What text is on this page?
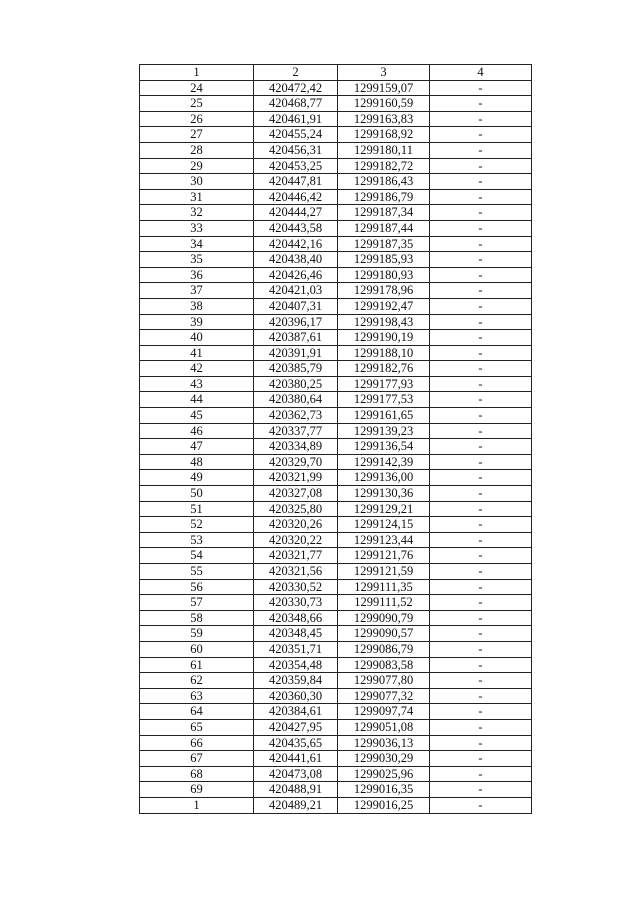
1	2	3	4
24	420472,42	1299159,07	-
25	420468,77	1299160,59	-
26	420461,91	1299163,83	-
27	420455,24	1299168,92	-
28	420456,31	1299180,11	-
29	420453,25	1299182,72	-
30	420447,81	1299186,43	-
31	420446,42	1299186,79	-
32	420444,27	1299187,34	-
33	420443,58	1299187,44	-
34	420442,16	1299187,35	-
35	420438,40	1299185,93	-
36	420426,46	1299180,93	-
37	420421,03	1299178,96	-
38	420407,31	1299192,47	-
39	420396,17	1299198,43	-
40	420387,61	1299190,19	-
41	420391,91	1299188,10	-
42	420385,79	1299182,76	-
43	420380,25	1299177,93	-
44	420380,64	1299177,53	-
45	420362,73	1299161,65	-
46	420337,77	1299139,23	-
47	420334,89	1299136,54	-
48	420329,70	1299142,39	-
49	420321,99	1299136,00	-
50	420327,08	1299130,36	-
51	420325,80	1299129,21	-
52	420320,26	1299124,15	-
53	420320,22	1299123,44	-
54	420321,77	1299121,76	-
55	420321,56	1299121,59	-
56	420330,52	1299111,35	-
57	420330,73	1299111,52	-
58	420348,66	1299090,79	-
59	420348,45	1299090,57	-
60	420351,71	1299086,79	-
61	420354,48	1299083,58	-
62	420359,84	1299077,80	-
63	420360,30	1299077,32	-
64	420384,61	1299097,74	-
65	420427,95	1299051,08	-
66	420435,65	1299036,13	-
67	420441,61	1299030,29	-
68	420473,08	1299025,96	-
69	420488,91	1299016,35	-
1	420489,21	1299016,25	-
